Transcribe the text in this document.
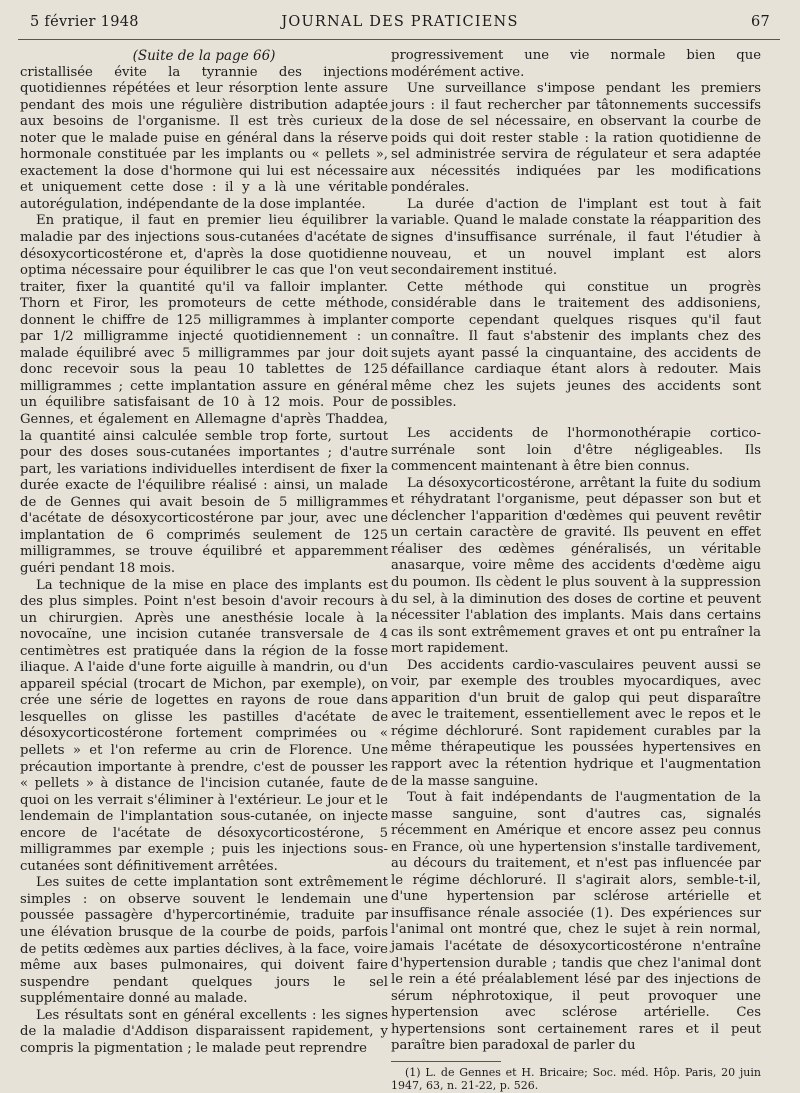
5 février 1948	JOURNAL DES PRATICIENS	67

(Suite de la page 66)

cristallisée évite la tyrannie des injections quotidiennes répétées et leur résorption lente assure pendant des mois une régulière distribution adaptée aux besoins de l'organisme. Il est très curieux de noter que le malade puise en général dans la réserve hormonale constituée par les implants ou « pellets », exactement la dose d'hormone qui lui est nécessaire et uniquement cette dose : il y a là une véritable autorégulation, indépendante de la dose implantée.

En pratique, il faut en premier lieu équilibrer la maladie par des injections sous-cutanées d'acétate de désoxycorticostérone et, d'après la dose quotidienne optima nécessaire pour équilibrer le cas que l'on veut traiter, fixer la quantité qu'il va falloir implanter. Thorn et Firor, les promoteurs de cette méthode, donnent le chiffre de 125 milligrammes à implanter par 1/2 milligramme injecté quotidiennement : un malade équilibré avec 5 milligrammes par jour doit donc recevoir sous la peau 10 tablettes de 125 milligrammes ; cette implantation assure en général un équilibre satisfaisant de 10 à 12 mois. Pour de Gennes, et également en Allemagne d'après Thaddea, la quantité ainsi calculée semble trop forte, surtout pour des doses sous-cutanées importantes ; d'autre part, les variations individuelles interdisent de fixer la durée exacte de l'équilibre réalisé : ainsi, un malade de de Gennes qui avait besoin de 5 milligrammes d'acétate de désoxycorticostérone par jour, avec une implantation de 6 comprimés seulement de 125 milligrammes, se trouve équilibré et apparemment guéri pendant 18 mois.

La technique de la mise en place des implants est des plus simples. Point n'est besoin d'avoir recours à un chirurgien. Après une anesthésie locale à la novocaïne, une incision cutanée transversale de 4 centimètres est pratiquée dans la région de la fosse iliaque. A l'aide d'une forte aiguille à mandrin, ou d'un appareil spécial (trocart de Michon, par exemple), on crée une série de logettes en rayons de roue dans lesquelles on glisse les pastilles d'acétate de désoxycorticostérone fortement comprimées ou « pellets » et l'on referme au crin de Florence. Une précaution importante à prendre, c'est de pousser les « pellets » à distance de l'incision cutanée, faute de quoi on les verrait s'éliminer à l'extérieur. Le jour et le lendemain de l'implantation sous-cutanée, on injecte encore de l'acétate de désoxycorticostérone, 5 milligrammes par exemple ; puis les injections sous-cutanées sont définitivement arrêtées.

Les suites de cette implantation sont extrêmement simples : on observe souvent le lendemain une poussée passagère d'hypercortinémie, traduite par une élévation brusque de la courbe de poids, parfois de petits œdèmes aux parties déclives, à la face, voire même aux bases pulmonaires, qui doivent faire suspendre pendant quelques jours le sel supplémentaire donné au malade.

Les résultats sont en général excellents : les signes de la maladie d'Addison disparaissent rapidement, y compris la pigmentation ; le malade peut reprendre

progressivement une vie normale bien que modérément active.

Une surveillance s'impose pendant les premiers jours : il faut rechercher par tâtonnements successifs la dose de sel nécessaire, en observant la courbe de poids qui doit rester stable : la ration quotidienne de sel administrée servira de régulateur et sera adaptée aux nécessités indiquées par les modifications pondérales.

La durée d'action de l'implant est tout à fait variable. Quand le malade constate la réapparition des signes d'insuffisance surrénale, il faut l'étudier à nouveau, et un nouvel implant est alors secondairement institué.

Cette méthode qui constitue un progrès considérable dans le traitement des addisoniens, comporte cependant quelques risques qu'il faut connaître. Il faut s'abstenir des implants chez des sujets ayant passé la cinquantaine, des accidents de défaillance cardiaque étant alors à redouter. Mais même chez les sujets jeunes des accidents sont possibles.

Les accidents de l'hormonothérapie cortico-surrénale sont loin d'être négligeables. Ils commencent maintenant à être bien connus.

La désoxycorticostérone, arrêtant la fuite du sodium et réhydratant l'organisme, peut dépasser son but et déclencher l'apparition d'œdèmes qui peuvent revêtir un certain caractère de gravité. Ils peuvent en effet réaliser des œdèmes généralisés, un véritable anasarque, voire même des accidents d'œdème aigu du poumon. Ils cèdent le plus souvent à la suppression du sel, à la diminution des doses de cortine et peuvent nécessiter l'ablation des implants. Mais dans certains cas ils sont extrêmement graves et ont pu entraîner la mort rapidement.

Des accidents cardio-vasculaires peuvent aussi se voir, par exemple des troubles myocardiques, avec apparition d'un bruit de galop qui peut disparaître avec le traitement, essentiellement avec le repos et le régime déchloruré. Sont rapidement curables par la même thérapeutique les poussées hypertensives en rapport avec la rétention hydrique et l'augmentation de la masse sanguine.

Tout à fait indépendants de l'augmentation de la masse sanguine, sont d'autres cas, signalés récemment en Amérique et encore assez peu connus en France, où une hypertension s'installe tardivement, au décours du traitement, et n'est pas influencée par le régime déchloruré. Il s'agirait alors, semble-t-il, d'une hypertension par sclérose artérielle et insuffisance rénale associée (1). Des expériences sur l'animal ont montré que, chez le sujet à rein normal, jamais l'acétate de désoxycorticostérone n'entraîne d'hypertension durable ; tandis que chez l'animal dont le rein a été préalablement lésé par des injections de sérum néphrotoxique, il peut provoquer une hypertension avec sclérose artérielle. Ces hypertensions sont certainement rares et il peut paraître bien paradoxal de parler du

(1) L. de Gennes et H. Bricaire; Soc. méd. Hôp. Paris, 20 juin 1947, 63, n. 21-22, p. 526.
